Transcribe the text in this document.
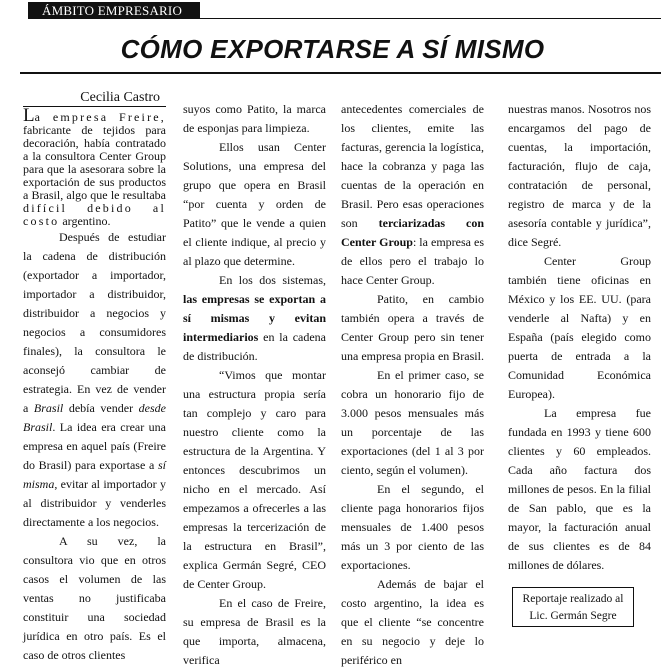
ÁMBITO EMPRESARIO
CÓMO EXPORTARSE A SÍ MISMO
Cecilia Castro

La empresa Freire, fabricante de tejidos para decoración, había contratado a la consultora Center Group para que la asesorara sobre la exportación de sus productos a Brasil, algo que le resultaba difícil debido al costo argentino.

Después de estudiar la cadena de distribución (exportador a importador, importador a distribuidor, distribuidor a negocios y negocios a consumidores finales), la consultora le aconsejó cambiar de estrategia. En vez de vender a Brasil debía vender desde Brasil. La idea era crear una empresa en aquel país (Freire do Brasil) para exportase a sí misma, evitar al importador y al distribuidor y venderles directamente a los negocios.

A su vez, la consultora vio que en otros casos el volumen de las ventas no justificaba constituir una sociedad jurídica en otro país. Es el caso de otros clientes

suyos como Patito, la marca de esponjas para limpieza.

Ellos usan Center Solutions, una empresa del grupo que opera en Brasil “por cuenta y orden de Patito” que le vende a quien el cliente indique, al precio y al plazo que determine.

En los dos sistemas, las empresas se exportan a sí mismas y evitan intermediarios en la cadena de distribución.

“Vimos que montar una estructura propia sería tan complejo y caro para nuestro cliente como la estructura de la Argentina. Y entonces descubrimos un nicho en el mercado. Así empezamos a ofrecerles a las empresas la tercerización de la estructura en Brasil”, explica Germán Segré, CEO de Center Group.

En el caso de Freire, su empresa de Brasil es la que importa, almacena, verifica

antecedentes comerciales de los clientes, emite las facturas, gerencia la logística, hace la cobranza y paga las cuentas de la operación en Brasil. Pero esas operaciones son terciarizadas con Center Group: la empresa es de ellos pero el trabajo lo hace Center Group.

Patito, en cambio también opera a través de Center Group pero sin tener una empresa propia en Brasil.

En el primer caso, se cobra un honorario fijo de 3.000 pesos mensuales más un porcentaje de las exportaciones (del 1 al 3 por ciento, según el volumen).

En el segundo, el cliente paga honorarios fijos mensuales de 1.400 pesos más un 3 por ciento de las exportaciones.

Además de bajar el costo argentino, la idea es que el cliente “se concentre en su negocio y deje lo periférico en

nuestras manos. Nosotros nos encargamos del pago de cuentas, la importación, facturación, flujo de caja, contratación de personal, registro de marca y de la asesoría contable y jurídica”, dice Segré.

Center Group también tiene oficinas en México y los EE. UU. (para venderle al Nafta) y en España (país elegido como puerta de entrada a la Comunidad Económica Europea).

La empresa fue fundada en 1993 y tiene 600 clientes y 60 empleados. Cada año factura dos millones de pesos. En la filial de San pablo, que es la mayor, la facturación anual de sus clientes es de 84 millones de dólares.

Reportaje realizado al
Lic. Germán Segre
